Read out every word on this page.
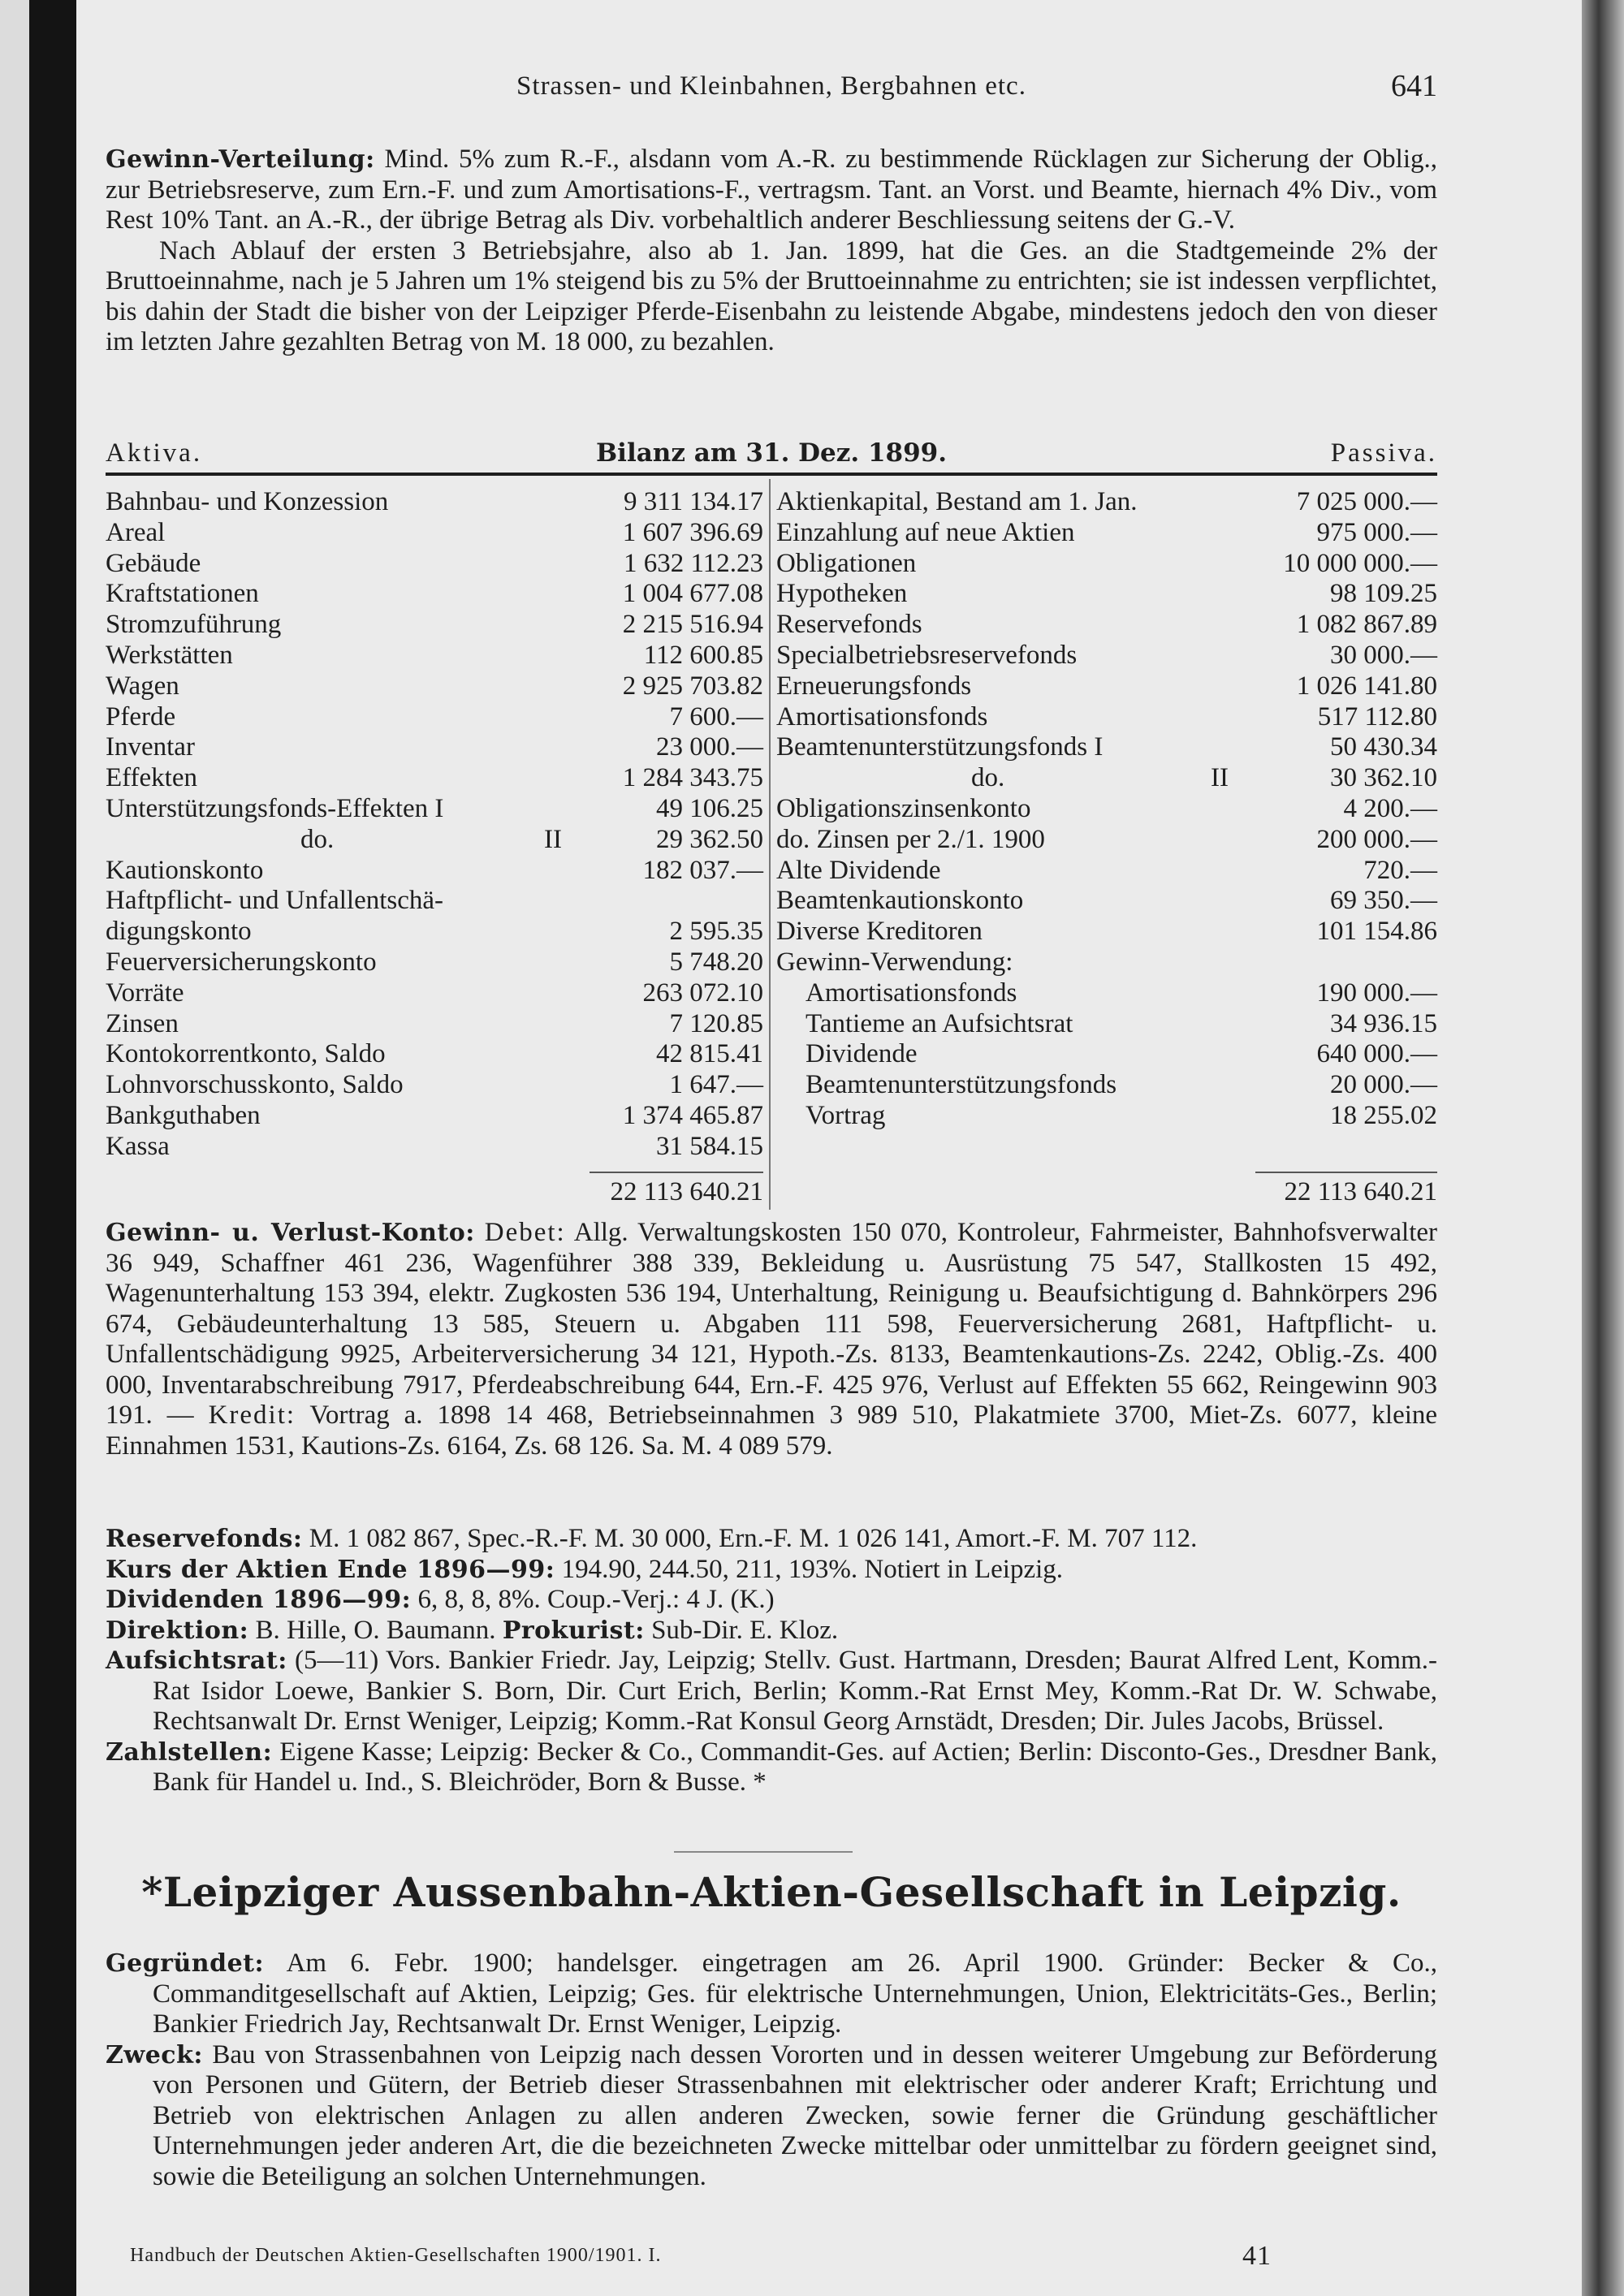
Strassen- und Kleinbahnen, Bergbahnen etc.	641

Gewinn-Verteilung: Mind. 5% zum R.-F., alsdann vom A.-R. zu bestimmende Rücklagen zur Sicherung der Oblig., zur Betriebsreserve, zum Ern.-F. und zum Amortisations-F., vertragsm. Tant. an Vorst. und Beamte, hiernach 4% Div., vom Rest 10% Tant. an A.-R., der übrige Betrag als Div. vorbehaltlich anderer Beschliessung seitens der G.-V.

Nach Ablauf der ersten 3 Betriebsjahre, also ab 1. Jan. 1899, hat die Ges. an die Stadtgemeinde 2% der Bruttoeinnahme, nach je 5 Jahren um 1% steigend bis zu 5% der Bruttoeinnahme zu entrichten; sie ist indessen verpflichtet, bis dahin der Stadt die bisher von der Leipziger Pferde-Eisenbahn zu leistende Abgabe, mindestens jedoch den von dieser im letzten Jahre gezahlten Betrag von M. 18 000, zu bezahlen.

Aktiva.	Bilanz am 31. Dez. 1899.	Passiva.
Bahnbau- und Konzession	9 311 134.17
Areal	1 607 396.69
Gebäude	1 632 112.23
Kraftstationen	1 004 677.08
Stromzuführung	2 215 516.94
Werkstätten	112 600.85
Wagen	2 925 703.82
Pferde	7 600.—
Inventar	23 000.—
Effekten	1 284 343.75
Unterstützungsfonds-Effekten I	49 106.25
do.	II	29 362.50
Kautionskonto	182 037.—
Haftpflicht- und Unfallentschä-
digungskonto	2 595.35
Feuerversicherungskonto	5 748.20
Vorräte	263 072.10
Zinsen	7 120.85
Kontokorrentkonto, Saldo	42 815.41
Lohnvorschusskonto, Saldo	1 647.—
Bankguthaben	1 374 465.87
Kassa	31 584.15
Aktienkapital, Bestand am 1. Jan.	7 025 000.—
Einzahlung auf neue Aktien	975 000.—
Obligationen	10 000 000.—
Hypotheken	98 109.25
Reservefonds	1 082 867.89
Specialbetriebsreservefonds	30 000.—
Erneuerungsfonds	1 026 141.80
Amortisationsfonds	517 112.80
Beamtenunterstützungsfonds I	50 430.34
do.	II	30 362.10
Obligationszinsenkonto	4 200.—
do. Zinsen per 2./1. 1900	200 000.—
Alte Dividende	720.—
Beamtenkautionskonto	69 350.—
Diverse Kreditoren	101 154.86
Gewinn-Verwendung:
Amortisationsfonds	190 000.—
Tantieme an Aufsichtsrat	34 936.15
Dividende	640 000.—
Beamtenunterstützungsfonds	20 000.—
Vortrag	18 255.02
22 113 640.21	22 113 640.21

Gewinn- u. Verlust-Konto: Debet: Allg. Verwaltungskosten 150 070, Kontroleur, Fahrmeister, Bahnhofsverwalter 36 949, Schaffner 461 236, Wagenführer 388 339, Bekleidung u. Ausrüstung 75 547, Stallkosten 15 492, Wagenunterhaltung 153 394, elektr. Zugkosten 536 194, Unterhaltung, Reinigung u. Beaufsichtigung d. Bahnkörpers 296 674, Gebäudeunterhaltung 13 585, Steuern u. Abgaben 111 598, Feuerversicherung 2681, Haftpflicht- u. Unfallentschädigung 9925, Arbeiterversicherung 34 121, Hypoth.-Zs. 8133, Beamtenkautions-Zs. 2242, Oblig.-Zs. 400 000, Inventarabschreibung 7917, Pferdeabschreibung 644, Ern.-F. 425 976, Verlust auf Effekten 55 662, Reingewinn 903 191. — Kredit: Vortrag a. 1898 14 468, Betriebseinnahmen 3 989 510, Plakatmiete 3700, Miet-Zs. 6077, kleine Einnahmen 1531, Kautions-Zs. 6164, Zs. 68 126. Sa. M. 4 089 579.

Reservefonds: M. 1 082 867, Spec.-R.-F. M. 30 000, Ern.-F. M. 1 026 141, Amort.-F. M. 707 112.

Kurs der Aktien Ende 1896—99: 194.90, 244.50, 211, 193%. Notiert in Leipzig.

Dividenden 1896—99: 6, 8, 8, 8%. Coup.-Verj.: 4 J. (K.)

Direktion: B. Hille, O. Baumann. Prokurist: Sub-Dir. E. Kloz.

Aufsichtsrat: (5—11) Vors. Bankier Friedr. Jay, Leipzig; Stellv. Gust. Hartmann, Dresden; Baurat Alfred Lent, Komm.-Rat Isidor Loewe, Bankier S. Born, Dir. Curt Erich, Berlin; Komm.-Rat Ernst Mey, Komm.-Rat Dr. W. Schwabe, Rechtsanwalt Dr. Ernst Weniger, Leipzig; Komm.-Rat Konsul Georg Arnstädt, Dresden; Dir. Jules Jacobs, Brüssel.

Zahlstellen: Eigene Kasse; Leipzig: Becker & Co., Commandit-Ges. auf Actien; Berlin: Disconto-Ges., Dresdner Bank, Bank für Handel u. Ind., S. Bleichröder, Born & Busse. *

*Leipziger Aussenbahn-Aktien-Gesellschaft in Leipzig.

Gegründet: Am 6. Febr. 1900; handelsger. eingetragen am 26. April 1900. Gründer: Becker & Co., Commanditgesellschaft auf Aktien, Leipzig; Ges. für elektrische Unternehmungen, Union, Elektricitäts-Ges., Berlin; Bankier Friedrich Jay, Rechtsanwalt Dr. Ernst Weniger, Leipzig.

Zweck: Bau von Strassenbahnen von Leipzig nach dessen Vororten und in dessen weiterer Umgebung zur Beförderung von Personen und Gütern, der Betrieb dieser Strassenbahnen mit elektrischer oder anderer Kraft; Errichtung und Betrieb von elektrischen Anlagen zu allen anderen Zwecken, sowie ferner die Gründung geschäftlicher Unternehmungen jeder anderen Art, die die bezeichneten Zwecke mittelbar oder unmittelbar zu fördern geeignet sind, sowie die Beteiligung an solchen Unternehmungen.

Handbuch der Deutschen Aktien-Gesellschaften 1900/1901. I.	41
